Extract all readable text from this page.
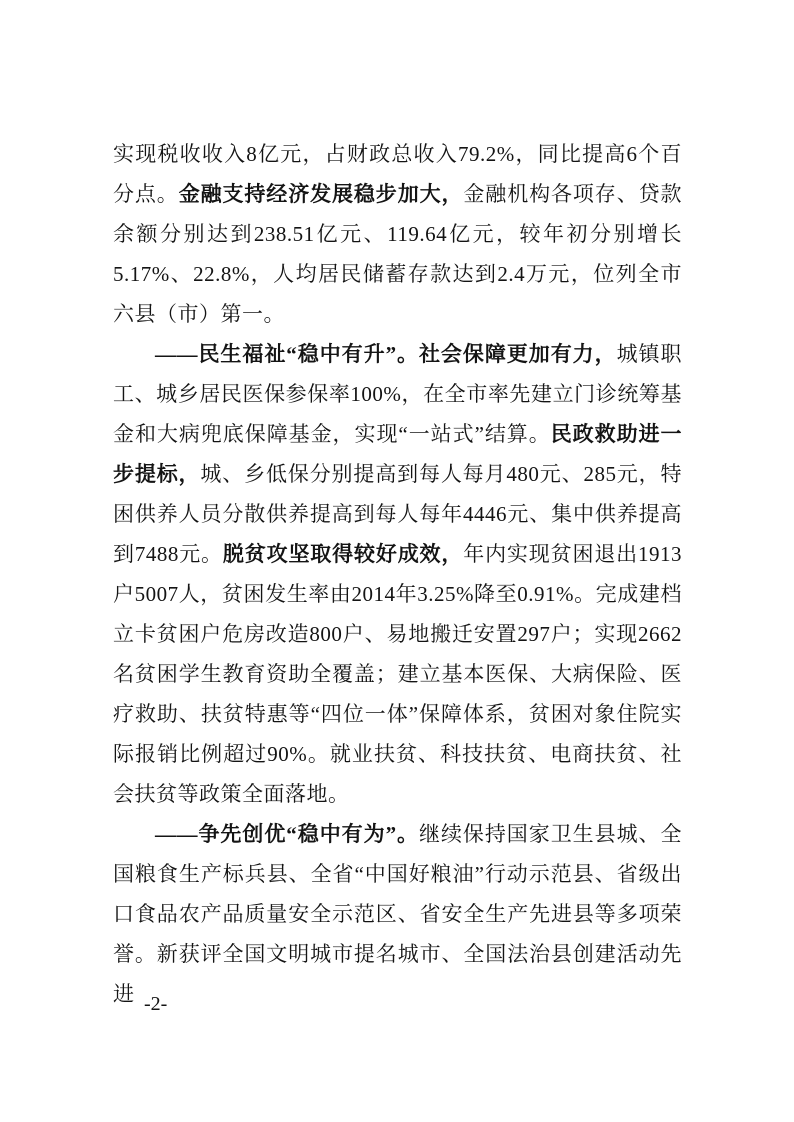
实现税收收入8亿元，占财政总收入79.2%，同比提高6个百分点。金融支持经济发展稳步加大，金融机构各项存、贷款余额分别达到238.51亿元、119.64亿元，较年初分别增长5.17%、22.8%，人均居民储蓄存款达到2.4万元，位列全市六县（市）第一。

——民生福祉“稳中有升”。社会保障更加有力，城镇职工、城乡居民医保参保率100%，在全市率先建立门诊统筹基金和大病兜底保障基金，实现“一站式”结算。民政救助进一步提标，城、乡低保分别提高到每人每月480元、285元，特困供养人员分散供养提高到每人每年4446元、集中供养提高到7488元。脱贫攻坚取得较好成效，年内实现贫困退出1913户5007人，贫困发生率由2014年3.25%降至0.91%。完成建档立卡贫困户危房改造800户、易地搬迁安置297户；实现2662名贫困学生教育资助全覆盖；建立基本医保、大病保险、医疗救助、扶贫特惠等“四位一体”保障体系，贫困对象住院实际报销比例超过90%。就业扶贫、科技扶贫、电商扶贫、社会扶贫等政策全面落地。

——争先创优“稳中有为”。继续保持国家卫生县城、全国粮食生产标兵县、全省“中国好粮油”行动示范县、省级出口食品农产品质量安全示范区、省安全生产先进县等多项荣誉。新获评全国文明城市提名城市、全国法治县创建活动先进 -2-
